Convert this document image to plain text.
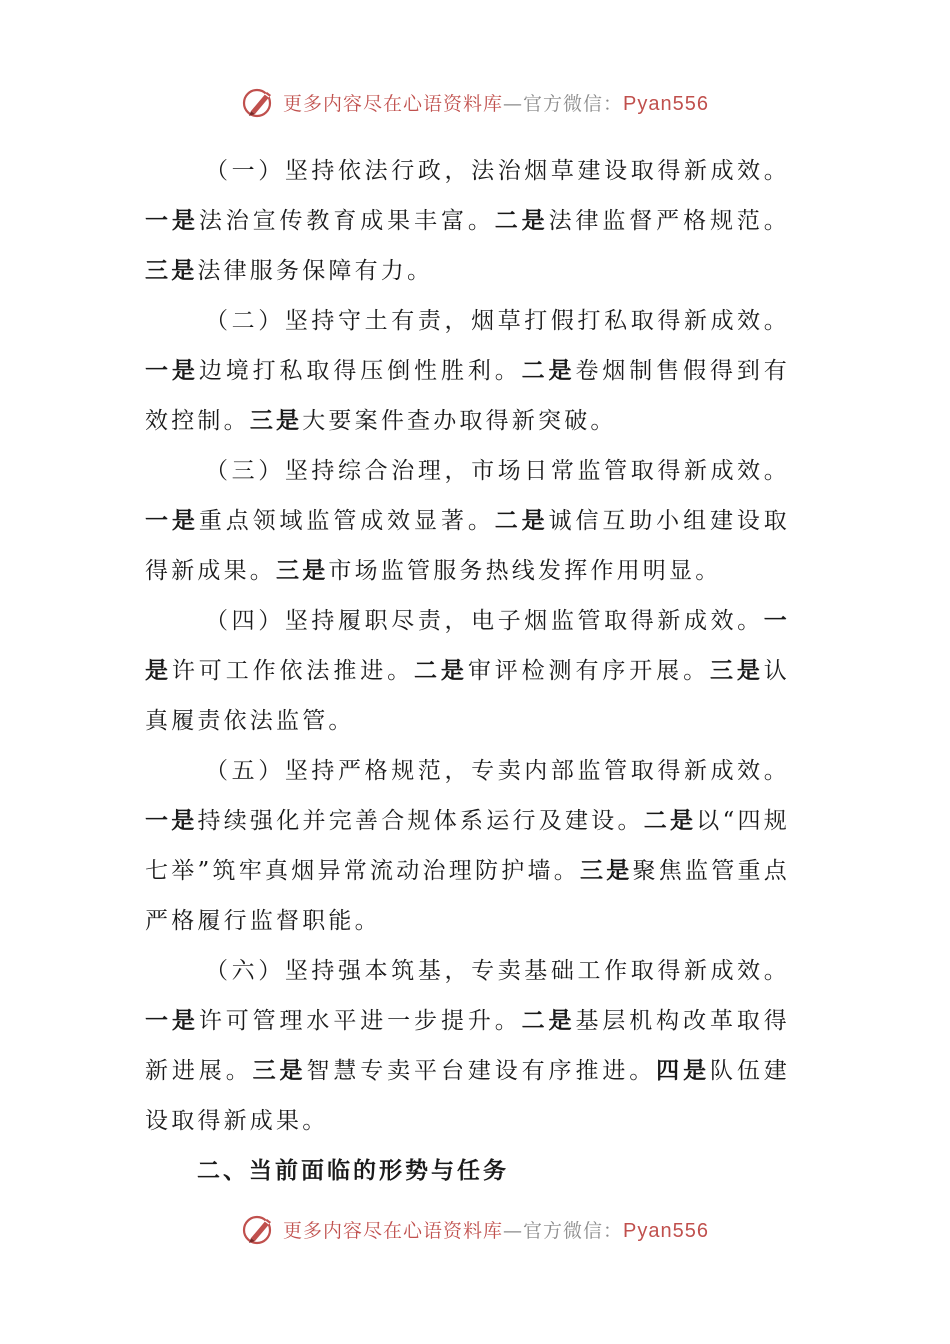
更多内容尽在心语资料库—官方微信：Pyan556

（一）坚持依法行政，法治烟草建设取得新成效。一是法治宣传教育成果丰富。二是法律监督严格规范。三是法律服务保障有力。

（二）坚持守土有责，烟草打假打私取得新成效。一是边境打私取得压倒性胜利。二是卷烟制售假得到有效控制。三是大要案件查办取得新突破。

（三）坚持综合治理，市场日常监管取得新成效。一是重点领域监管成效显著。二是诚信互助小组建设取得新成果。三是市场监管服务热线发挥作用明显。

（四）坚持履职尽责，电子烟监管取得新成效。一是许可工作依法推进。二是审评检测有序开展。三是认真履责依法监管。

（五）坚持严格规范，专卖内部监管取得新成效。一是持续强化并完善合规体系运行及建设。二是以“四规七举”筑牢真烟异常流动治理防护墙。三是聚焦监管重点严格履行监督职能。

（六）坚持强本筑基，专卖基础工作取得新成效。一是许可管理水平进一步提升。二是基层机构改革取得新进展。三是智慧专卖平台建设有序推进。四是队伍建设取得新成果。

二、当前面临的形势与任务

更多内容尽在心语资料库—官方微信：Pyan556
